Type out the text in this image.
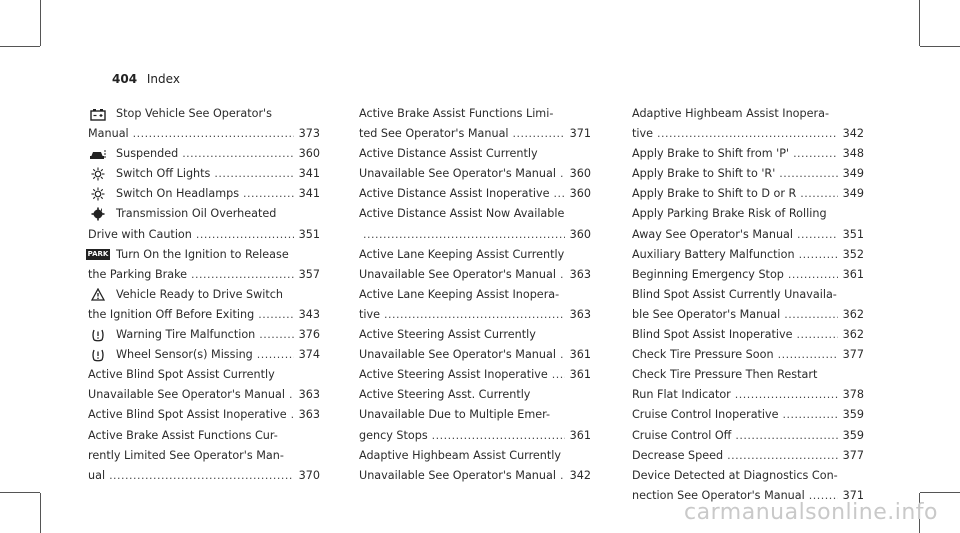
404 Index
Stop Vehicle See Operator's
Manual .....	373
Suspended .....	360
Switch Off Lights .....	341
Switch On Headlamps .....	341
Transmission Oil Overheated
Drive with Caution .....	351
PARK Turn On the Ignition to Release
the Parking Brake .....	357
Vehicle Ready to Drive Switch
the Ignition Off Before Exiting .....	343
Warning Tire Malfunction .....	376
Wheel Sensor(s) Missing .....	374
Active Blind Spot Assist Currently
Unavailable See Operator's Manual ..... 363
Active Blind Spot Assist Inoperative ..... 363
Active Brake Assist Functions Cur-
rently Limited See Operator's Man-
ual .....	370
Active Brake Assist Functions Limi-
ted See Operator's Manual .....	371
Active Distance Assist Currently
Unavailable See Operator's Manual ..... 360
Active Distance Assist Inoperative ..... 360
Active Distance Assist Now Available
.....
360
Active Lane Keeping Assist Currently
Unavailable See Operator's Manual ..... 363
Active Lane Keeping Assist Inopera-
tive .....	363
Active Steering Assist Currently
Unavailable See Operator's Manual ..... 361
Active Steering Assist Inoperative ..... 361
Active Steering Asst. Currently
Unavailable Due to Multiple Emer-
gency Stops .....	361
Adaptive Highbeam Assist Currently
Unavailable See Operator's Manual ..... 342
Adaptive Highbeam Assist Inopera-
tive .....	342
Apply Brake to Shift from 'P' .....	348
Apply Brake to Shift to 'R' .....	349
Apply Brake to Shift to D or R .....	349
Apply Parking Brake Risk of Rolling
Away See Operator's Manual .....	351
Auxiliary Battery Malfunction .....	352
Beginning Emergency Stop .....	361
Blind Spot Assist Currently Unavaila-
ble See Operator's Manual .....	362
Blind Spot Assist Inoperative .....	362
Check Tire Pressure Soon .....	377
Check Tire Pressure Then Restart
Run Flat Indicator .....	378
Cruise Control Inoperative .....	359
Cruise Control Off .....	359
Decrease Speed .....	377
Device Detected at Diagnostics Con-
nection See Operator's Manual .....	371
carmanualsonline.info
